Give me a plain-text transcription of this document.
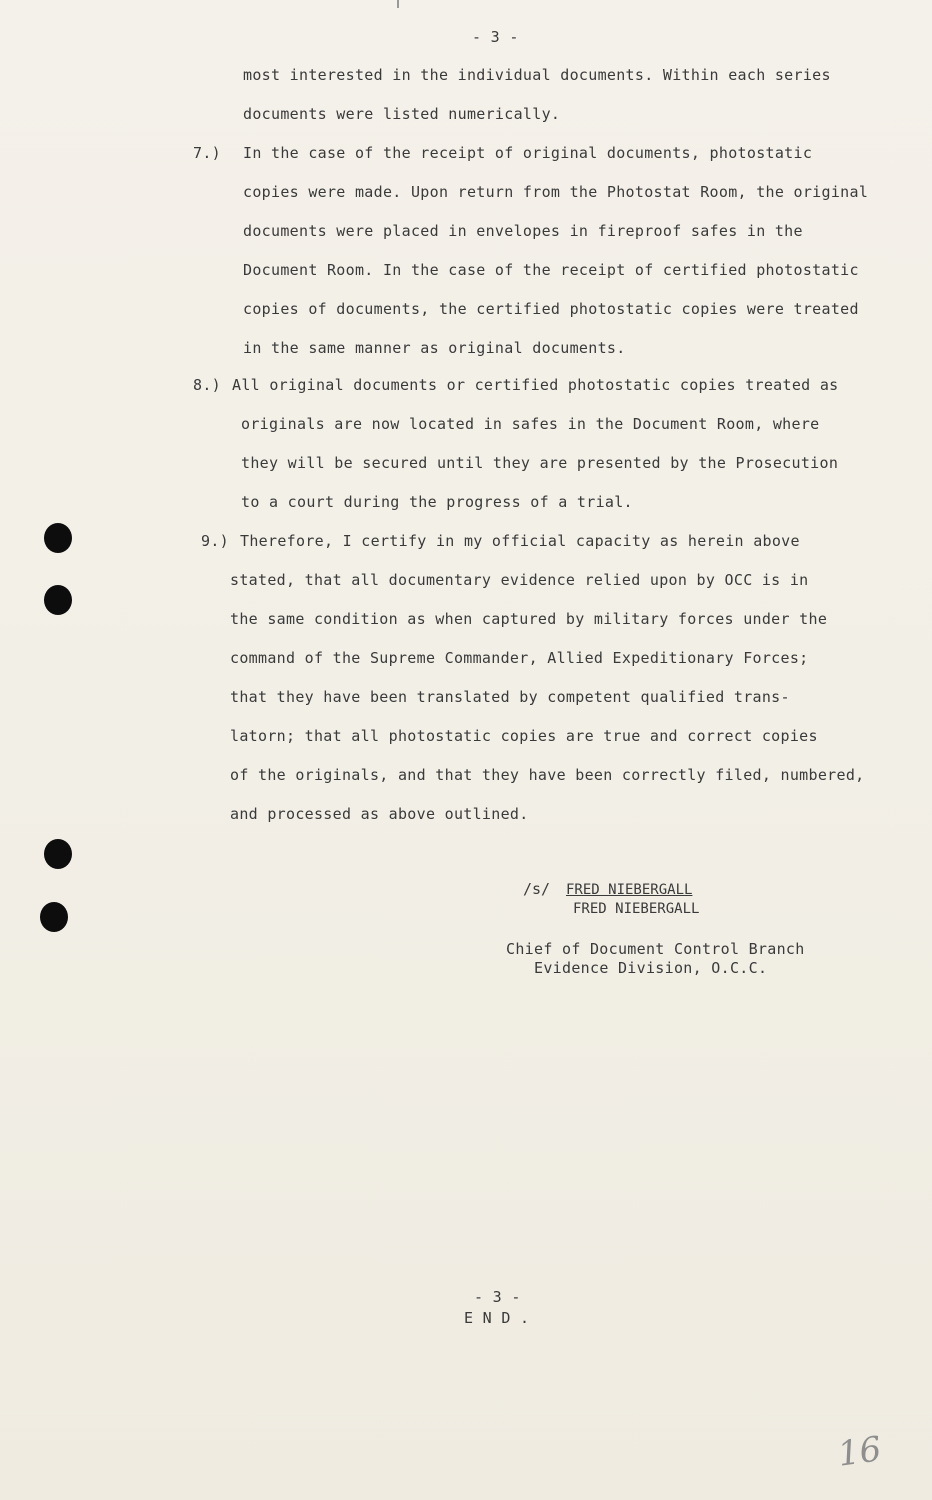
- 3 -
most interested in the individual documents. Within each series
documents were listed numerically.
7.) In the case of the receipt of original documents, photostatic
copies were made. Upon return from the Photostat Room, the original
documents were placed in envelopes in fireproof safes in the
Document Room. In the case of the receipt of certified photostatic
copies of documents, the certified photostatic copies were treated
in the same manner as original documents.
8.) All original documents or certified photostatic copies treated as
originals are now located in safes in the Document Room, where
they will be secured until they are presented by the Prosecution
to a court during the progress of a trial.
9.) Therefore, I certify in my official capacity as herein above
stated, that all documentary evidence relied upon by OCC is in
the same condition as when captured by military forces under the
command of the Supreme Commander, Allied Expeditionary Forces;
that they have been translated by competent qualified trans-
latorn; that all photostatic copies are true and correct copies
of the originals, and that they have been correctly filed, numbered,
and processed as above outlined.
/s/ FRED NIEBERGALL
FRED NIEBERGALL
Chief of Document Control Branch
Evidence Division, O.C.C.
- 3 -
E N D .
16
